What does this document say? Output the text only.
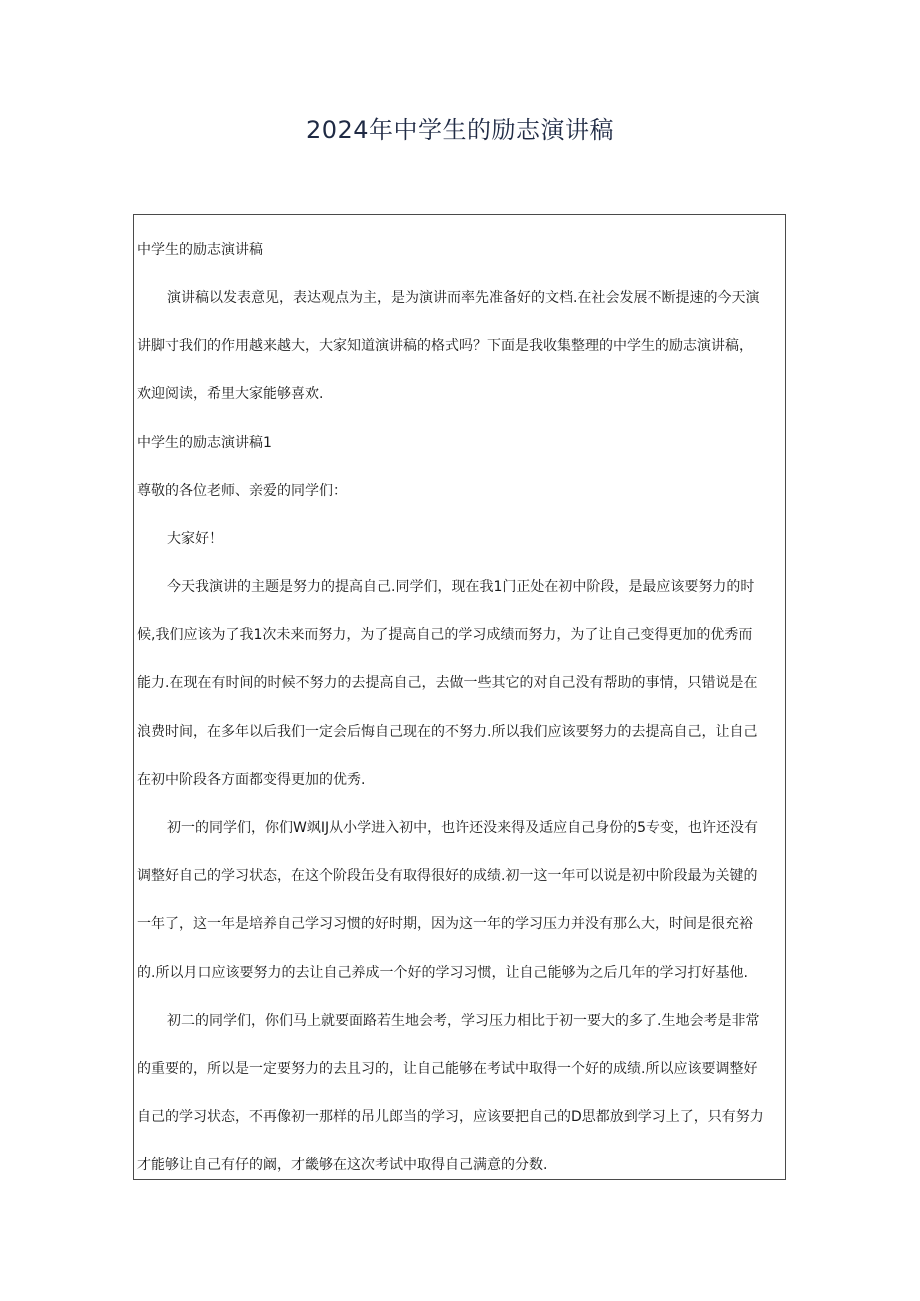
2024年中学生的励志演讲稿
中学生的励志演讲稿
演讲稿以发表意见，表达观点为主，是为演讲而率先准备好的文档.在社会发展不断提速的今天演
讲脚寸我们的作用越来越大，大家知道演讲稿的格式吗？下面是我收集整理的中学生的励志演讲稿，
欢迎阅读，希里大家能够喜欢.
中学生的励志演讲稿1
尊敬的各位老师、亲爱的同学们：
大家好！
今天我演讲的主题是努力的提高自己.同学们，现在我1门正处在初中阶段，是最应该要努力的时
候,我们应该为了我1次未来而努力，为了提高自己的学习成绩而努力，为了让自己变得更加的优秀而
能力.在现在有时间的时候不努力的去提高自己，去做一些其它的对自己没有帮助的事情，只错说是在
浪费时间，在多年以后我们一定会后悔自己现在的不努力.所以我们应该要努力的去提高自己，让自己
在初中阶段各方面都变得更加的优秀.
初一的同学们，你们W飒IJ从小学进入初中，也许还没来得及适应自己身份的5专变，也许还没有
调整好自己的学习状态，在这个阶段缶殳有取得很好的成绩.初一这一年可以说是初中阶段最为关键的
一年了，这一年是培养自己学习习惯的好时期，因为这一年的学习压力并没有那么大，时间是很充裕
的.所以月口应该要努力的去让自己养成一个好的学习习惯，让自己能够为之后几年的学习打好基他.
初二的同学们，你们马上就要面路若生地会考，学习压力相比于初一要大的多了.生地会考是非常
的重要的，所以是一定要努力的去且习的，让自己能够在考试中取得一个好的成绩.所以应该要调整好
自己的学习状态，不再像初一那样的吊儿郎当的学习，应该要把自己的D思都放到学习上了，只有努力
才能够让自己有仔的阚，才畿够在这次考试中取得自己满意的分数.
